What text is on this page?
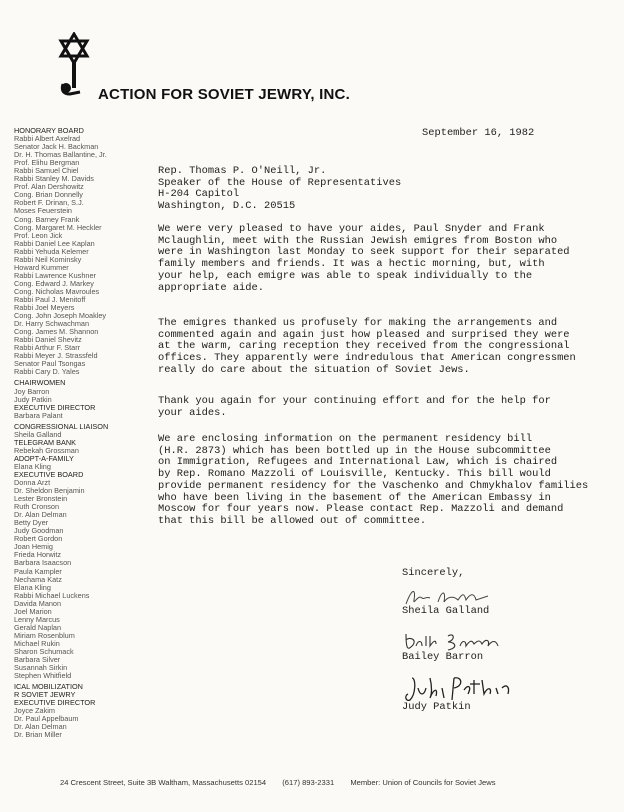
ACTION FOR SOVIET JEWRY, INC.
HONORARY BOARD
Rabbi Albert Axelrad
Senator Jack H. Backman
Dr. H. Thomas Ballantine, Jr.
Prof. Elihu Bergman
Rabbi Samuel Chiel
Rabbi Stanley M. Davids
Prof. Alan Dershowitz
Cong. Brian Donnelly
Robert F. Drinan, S.J.
Moses Feuerstein
Cong. Barney Frank
Cong. Margaret M. Heckler
Prof. Leon Jick
Rabbi Daniel Lee Kaplan
Rabbi Yehuda Kelemer
Rabbi Neil Kominsky
Howard Kummer
Rabbi Lawrence Kushner
Cong. Edward J. Markey
Cong. Nicholas Mavroules
Rabbi Paul J. Menitoff
Rabbi Joel Meyers
Cong. John Joseph Moakley
Dr. Harry Schwachman
Cong. James M. Shannon
Rabbi Daniel Shevitz
Rabbi Arthur F. Starr
Rabbi Meyer J. Strassfeld
Senator Paul Tsongas
Rabbi Cary D. Yales
CHAIRWOMEN
Joy Barron
Judy Patkin
EXECUTIVE DIRECTOR
Barbara Palant
CONGRESSIONAL LIAISON
Sheila Galland
TELEGRAM BANK
Rebekah Grossman
ADOPT-A-FAMILY
Elana Kling
EXECUTIVE BOARD
Donna Arzt
Dr. Sheldon Benjamin
Lester Bronstein
Ruth Cronson
Dr. Alan Delman
Betty Dyer
Judy Goodman
Robert Gordon
Joan Hemig
Frieda Horwitz
Barbara Isaacson
Paula Kampler
Nechama Katz
Elana Kling
Rabbi Michael Luckens
Davida Manon
Joel Marion
Lenny Marcus
Gerald Naplan
Miriam Rosenblum
Michael Rukin
Sharon Schumack
Barbara Silver
Susannah Sirkin
Stephen Whitfield
ICAL MOBILIZATION
R SOVIET JEWRY
EXECUTIVE DIRECTOR
Joyce Zakim
Dr. Paul Appelbaum
Dr. Alan Delman
Dr. Brian Miller
September 16, 1982
Rep. Thomas P. O'Neill, Jr.
Speaker of the House of Representatives
H-204 Capitol
Washington, D.C. 20515
We were very pleased to have your aides, Paul Snyder and Frank
Mclaughlin, meet with the Russian Jewish emigres from Boston who
were in Washington last Monday to seek support for their separated
family members and friends. It was a hectic morning, but, with
your help, each emigre was able to speak individually to the
appropriate aide.
The emigres thanked us profusely for making the arrangements and
commented again and again just how pleased and surprised they were
at the warm, caring reception they received from the congressional
offices. They apparently were indredulous that American congressmen
really do care about the situation of Soviet Jews.
Thank you again for your continuing effort and for the help for
your aides.
We are enclosing information on the permanent residency bill
(H.R. 2873) which has been bottled up in the House subcommittee
on Immigration, Refugees and International Law, which is chaired
by Rep. Romano Mazzoli of Louisville, Kentucky. This bill would
provide permanent residency for the Vaschenko and Chmykhalov families
who have been living in the basement of the American Embassy in
Moscow for four years now. Please contact Rep. Mazzoli and demand
that this bill be allowed out of committee.
Sincerely,
Sheila Galland
Bailey Barron
Judy Patkin
24 Crescent Street, Suite 3B Waltham, Massachusetts 02154 (617) 893-2331 Member: Union of Councils for Soviet Jews
